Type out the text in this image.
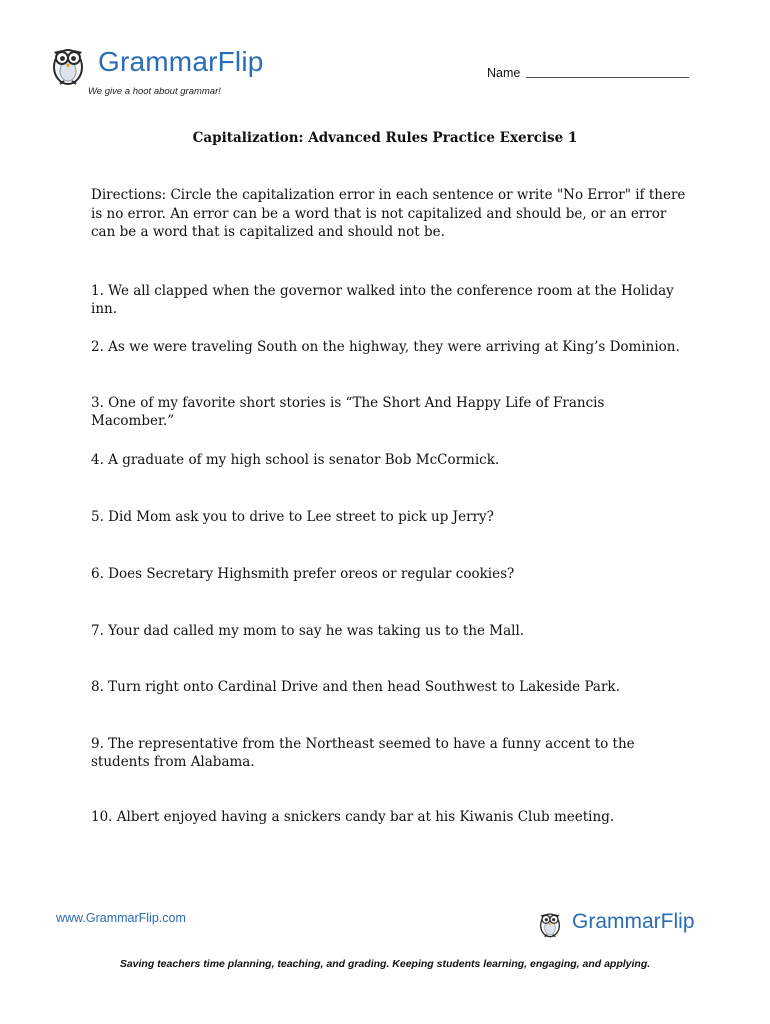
GrammarFlip
We give a hoot about grammar!
Name
Capitalization: Advanced Rules Practice Exercise 1
Directions: Circle the capitalization error in each sentence or write "No Error" if there is no error. An error can be a word that is not capitalized and should be, or an error can be a word that is capitalized and should not be.
1. We all clapped when the governor walked into the conference room at the Holiday inn.
2. As we were traveling South on the highway, they were arriving at King’s Dominion.
3. One of my favorite short stories is “The Short And Happy Life of Francis Macomber.”
4. A graduate of my high school is senator Bob McCormick.
5. Did Mom ask you to drive to Lee street to pick up Jerry?
6. Does Secretary Highsmith prefer oreos or regular cookies?
7. Your dad called my mom to say he was taking us to the Mall.
8. Turn right onto Cardinal Drive and then head Southwest to Lakeside Park.
9. The representative from the Northeast seemed to have a funny accent to the students from Alabama.
10. Albert enjoyed having a snickers candy bar at his Kiwanis Club meeting.
www.GrammarFlip.com	GrammarFlip
Saving teachers time planning, teaching, and grading. Keeping students learning, engaging, and applying.
